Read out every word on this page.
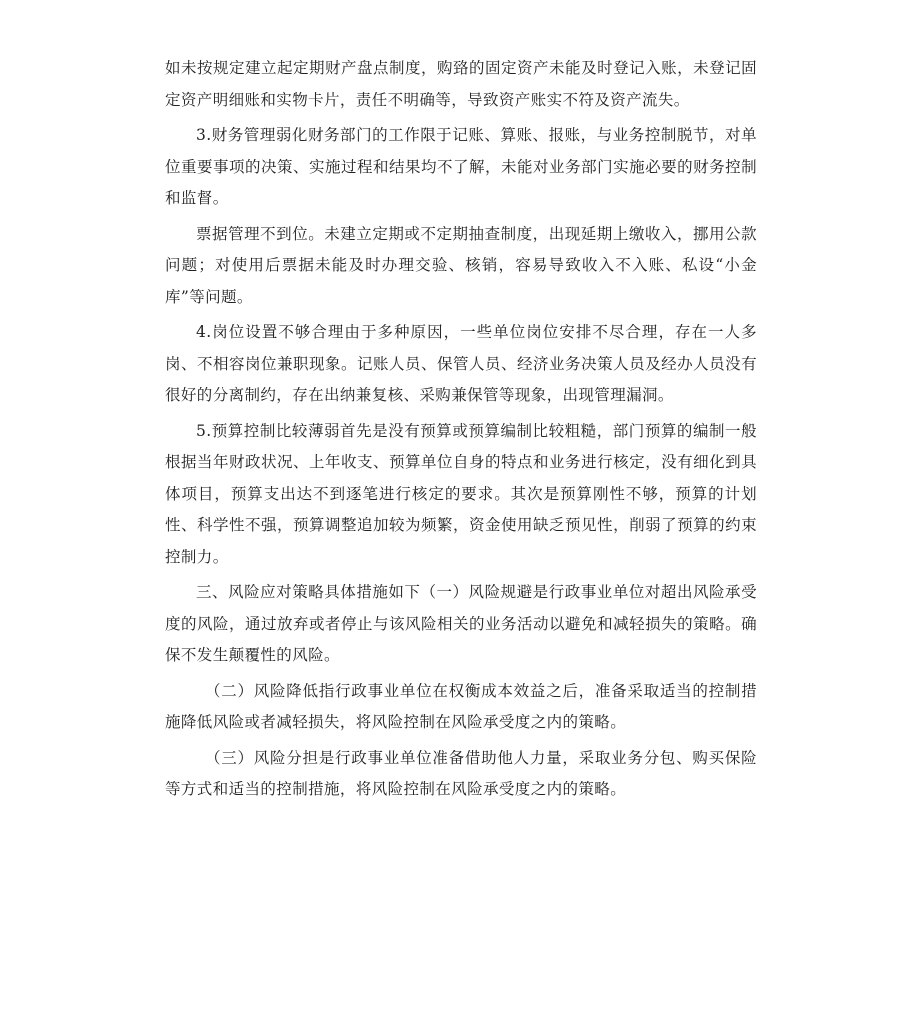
如未按规定建立起定期财产盘点制度，购臵的固定资产未能及时登记入账，未登记固定资产明细账和实物卡片，责任不明确等，导致资产账实不符及资产流失。

3.财务管理弱化财务部门的工作限于记账、算账、报账，与业务控制脱节，对单位重要事项的决策、实施过程和结果均不了解，未能对业务部门实施必要的财务控制和监督。

票据管理不到位。未建立定期或不定期抽查制度，出现延期上缴收入，挪用公款问题；对使用后票据未能及时办理交验、核销，容易导致收入不入账、私设“小金库”等问题。

4.岗位设置不够合理由于多种原因，一些单位岗位安排不尽合理，存在一人多岗、不相容岗位兼职现象。记账人员、保管人员、经济业务决策人员及经办人员没有很好的分离制约，存在出纳兼复核、采购兼保管等现象，出现管理漏洞。

5.预算控制比较薄弱首先是没有预算或预算编制比较粗糙，部门预算的编制一般根据当年财政状况、上年收支、预算单位自身的特点和业务进行核定，没有细化到具体项目，预算支出达不到逐笔进行核定的要求。其次是预算刚性不够，预算的计划性、科学性不强，预算调整追加较为频繁，资金使用缺乏预见性，削弱了预算的约束控制力。

三、风险应对策略具体措施如下（一）风险规避是行政事业单位对超出风险承受度的风险，通过放弃或者停止与该风险相关的业务活动以避免和减轻损失的策略。确保不发生颠覆性的风险。

（二）风险降低指行政事业单位在权衡成本效益之后，准备采取适当的控制措施降低风险或者减轻损失，将风险控制在风险承受度之内的策略。

（三）风险分担是行政事业单位准备借助他人力量，采取业务分包、购买保险等方式和适当的控制措施，将风险控制在风险承受度之内的策略。
